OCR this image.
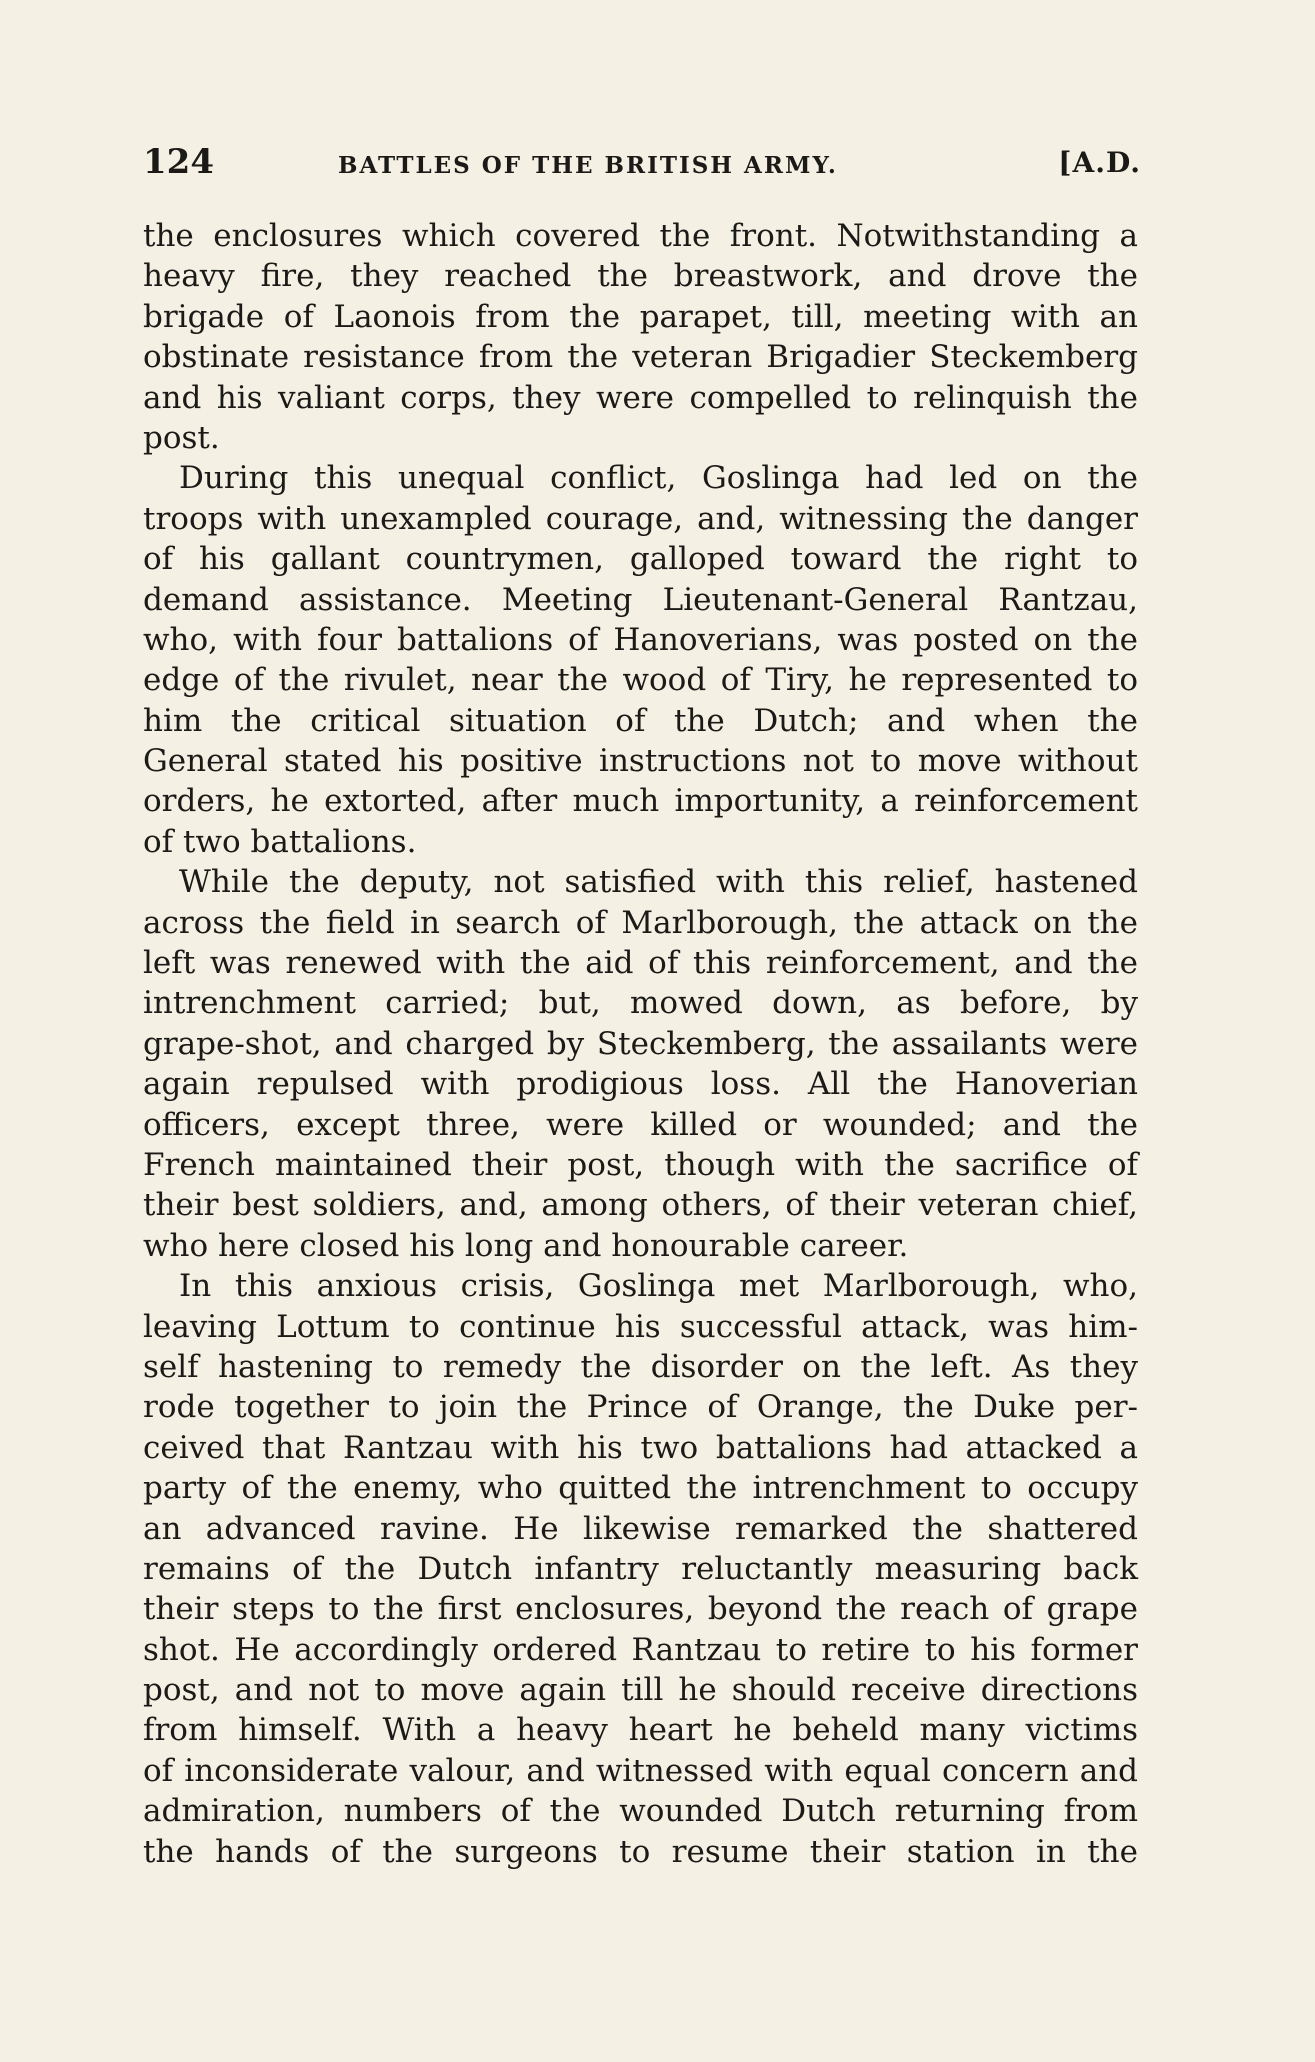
124	BATTLES OF THE BRITISH ARMY.	[A.D.
the enclosures which covered the front. Notwithstanding a
heavy fire, they reached the breastwork, and drove the
brigade of Laonois from the parapet, till, meeting with an
obstinate resistance from the veteran Brigadier Steckemberg
and his valiant corps, they were compelled to relinquish the
post.
During this unequal conflict, Goslinga had led on the
troops with unexampled courage, and, witnessing the danger
of his gallant countrymen, galloped toward the right to
demand assistance. Meeting Lieutenant-General Rantzau,
who, with four battalions of Hanoverians, was posted on the
edge of the rivulet, near the wood of Tiry, he represented to
him the critical situation of the Dutch; and when the
General stated his positive instructions not to move without
orders, he extorted, after much importunity, a reinforcement
of two battalions.
While the deputy, not satisfied with this relief, hastened
across the field in search of Marlborough, the attack on the
left was renewed with the aid of this reinforcement, and the
intrenchment carried; but, mowed down, as before, by
grape-shot, and charged by Steckemberg, the assailants were
again repulsed with prodigious loss. All the Hanoverian
officers, except three, were killed or wounded; and the
French maintained their post, though with the sacrifice of
their best soldiers, and, among others, of their veteran chief,
who here closed his long and honourable career.
In this anxious crisis, Goslinga met Marlborough, who,
leaving Lottum to continue his successful attack, was him-
self hastening to remedy the disorder on the left. As they
rode together to join the Prince of Orange, the Duke per-
ceived that Rantzau with his two battalions had attacked a
party of the enemy, who quitted the intrenchment to occupy
an advanced ravine. He likewise remarked the shattered
remains of the Dutch infantry reluctantly measuring back
their steps to the first enclosures, beyond the reach of grape
shot. He accordingly ordered Rantzau to retire to his former
post, and not to move again till he should receive directions
from himself. With a heavy heart he beheld many victims
of inconsiderate valour, and witnessed with equal concern and
admiration, numbers of the wounded Dutch returning from
the hands of the surgeons to resume their station in the
